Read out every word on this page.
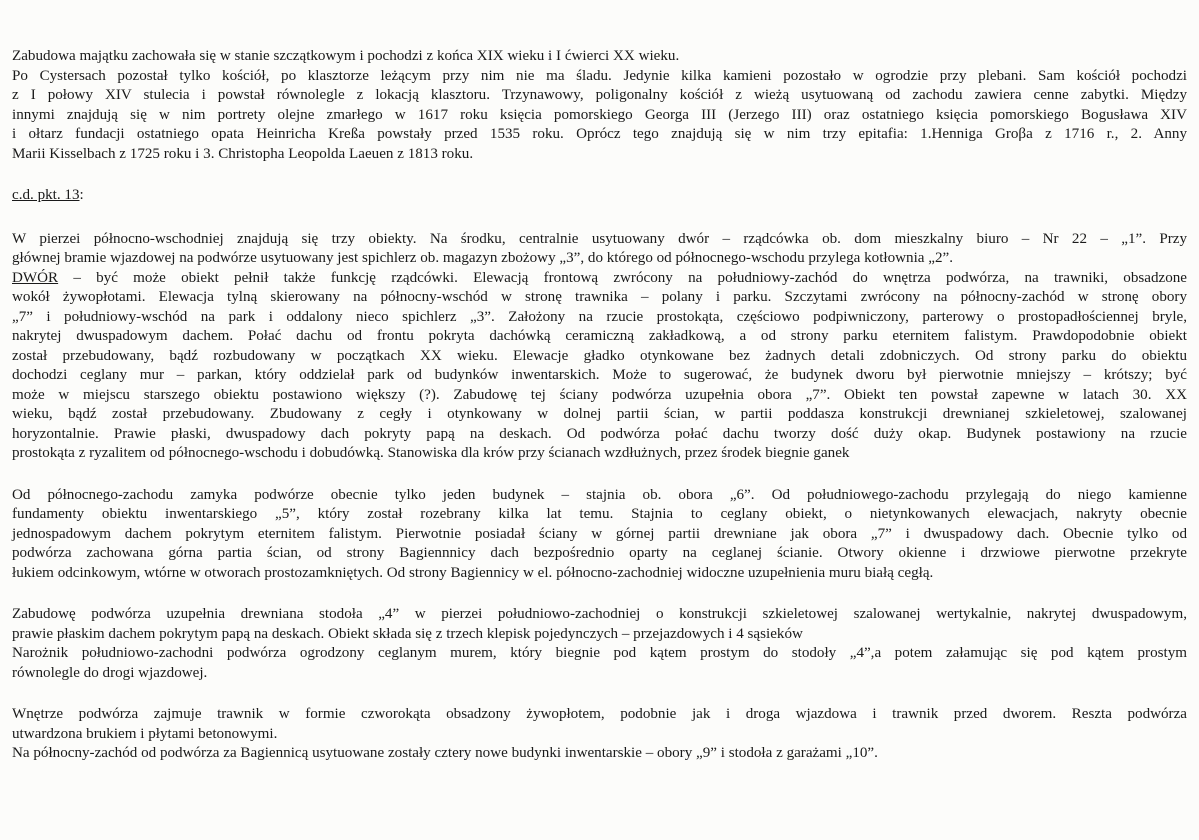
Zabudowa majątku zachowała się w stanie szczątkowym i pochodzi z końca XIX wieku i I ćwierci XX wieku.
Po Cystersach pozostał tylko kościół, po klasztorze leżącym przy nim nie ma śladu. Jedynie kilka kamieni pozostało w ogrodzie przy plebani. Sam kościół pochodzi
z I połowy XIV stulecia i powstał równolegle z lokacją klasztoru. Trzynawowy, poligonalny kościół z wieżą usytuowaną od zachodu zawiera cenne zabytki. Między
innymi znajdują się w nim portrety olejne zmarłego w 1617 roku księcia pomorskiego Georga III (Jerzego III) oraz ostatniego księcia pomorskiego Bogusława XIV
i ołtarz fundacji ostatniego opata Heinricha Kreßa powstały przed 1535 roku. Oprócz tego znajdują się w nim trzy epitafia: 1.Henniga Groβa z 1716 r., 2. Anny
Marii Kisselbach z 1725 roku i 3. Christopha Leopolda Laeuen z 1813 roku.
c.d. pkt. 13:
W pierzei północno-wschodniej znajdują się trzy obiekty. Na środku, centralnie usytuowany dwór – rządcówka ob. dom mieszkalny biuro – Nr 22 – „1”. Przy
głównej bramie wjazdowej na podwórze usytuowany jest spichlerz ob. magazyn zbożowy „3”, do którego od północnego-wschodu przylega kotłownia „2”.
DWÓR – być może obiekt pełnił także funkcję rządcówki. Elewacją frontową zwrócony na południowy-zachód do wnętrza podwórza, na trawniki, obsadzone
wokół żywopłotami. Elewacja tylną skierowany na północny-wschód w stronę trawnika – polany i parku. Szczytami zwrócony na północny-zachód w stronę obory
„7” i południowy-wschód na park i oddalony nieco spichlerz „3”. Założony na rzucie prostokąta, częściowo podpiwniczony, parterowy o prostopadłościennej bryle,
nakrytej dwuspadowym dachem. Połać dachu od frontu pokryta dachówką ceramiczną zakładkową, a od strony parku eternitem falistym. Prawdopodobnie obiekt
został przebudowany, bądź rozbudowany w początkach XX wieku. Elewacje gładko otynkowane bez żadnych detali zdobniczych. Od strony parku do obiektu
dochodzi ceglany mur – parkan, który oddzielał park od budynków inwentarskich. Może to sugerować, że budynek dworu był pierwotnie mniejszy – krótszy; być
może w miejscu starszego obiektu postawiono większy (?). Zabudowę tej ściany podwórza uzupełnia obora „7”. Obiekt ten powstał zapewne w latach 30. XX
wieku, bądź został przebudowany. Zbudowany z cegły i otynkowany w dolnej partii ścian, w partii poddasza konstrukcji drewnianej szkieletowej, szalowanej
horyzontalnie. Prawie płaski, dwuspadowy dach pokryty papą na deskach. Od podwórza połać dachu tworzy dość duży okap. Budynek postawiony na rzucie
prostokąta z ryzalitem od północnego-wschodu i dobudówką. Stanowiska dla krów przy ścianach wzdłużnych, przez środek biegnie ganek
Od północnego-zachodu zamyka podwórze obecnie tylko jeden budynek – stajnia ob. obora „6”. Od południowego-zachodu przylegają do niego kamienne
fundamenty obiektu inwentarskiego „5”, który został rozebrany kilka lat temu. Stajnia to ceglany obiekt, o nietynkowanych elewacjach, nakryty obecnie
jednospadowym dachem pokrytym eternitem falistym. Pierwotnie posiadał ściany w górnej partii drewniane jak obora „7” i dwuspadowy dach. Obecnie tylko od
podwórza zachowana górna partia ścian, od strony Bagiennnicy dach bezpośrednio oparty na ceglanej ścianie. Otwory okienne i drzwiowe pierwotne przekryte
łukiem odcinkowym, wtórne w otworach prostozamkniętych. Od strony Bagiennicy w el. północno-zachodniej widoczne uzupełnienia muru białą cegłą.
Zabudowę podwórza uzupełnia drewniana stodoła „4” w pierzei południowo-zachodniej o konstrukcji szkieletowej szalowanej wertykalnie, nakrytej dwuspadowym,
prawie płaskim dachem pokrytym papą na deskach. Obiekt składa się z trzech klepisk pojedynczych – przejazdowych i 4 sąsieków
Narożnik południowo-zachodni podwórza ogrodzony ceglanym murem, który biegnie pod kątem prostym do stodoły „4”,a potem załamując się pod kątem prostym
równolegle do drogi wjazdowej.
Wnętrze podwórza zajmuje trawnik w formie czworokąta obsadzony żywopłotem, podobnie jak i droga wjazdowa i trawnik przed dworem. Reszta podwórza
utwardzona brukiem i płytami betonowymi.
Na północny-zachód od podwórza za Bagiennicą usytuowane zostały cztery nowe budynki inwentarskie – obory „9” i stodoła z garażami „10”.
